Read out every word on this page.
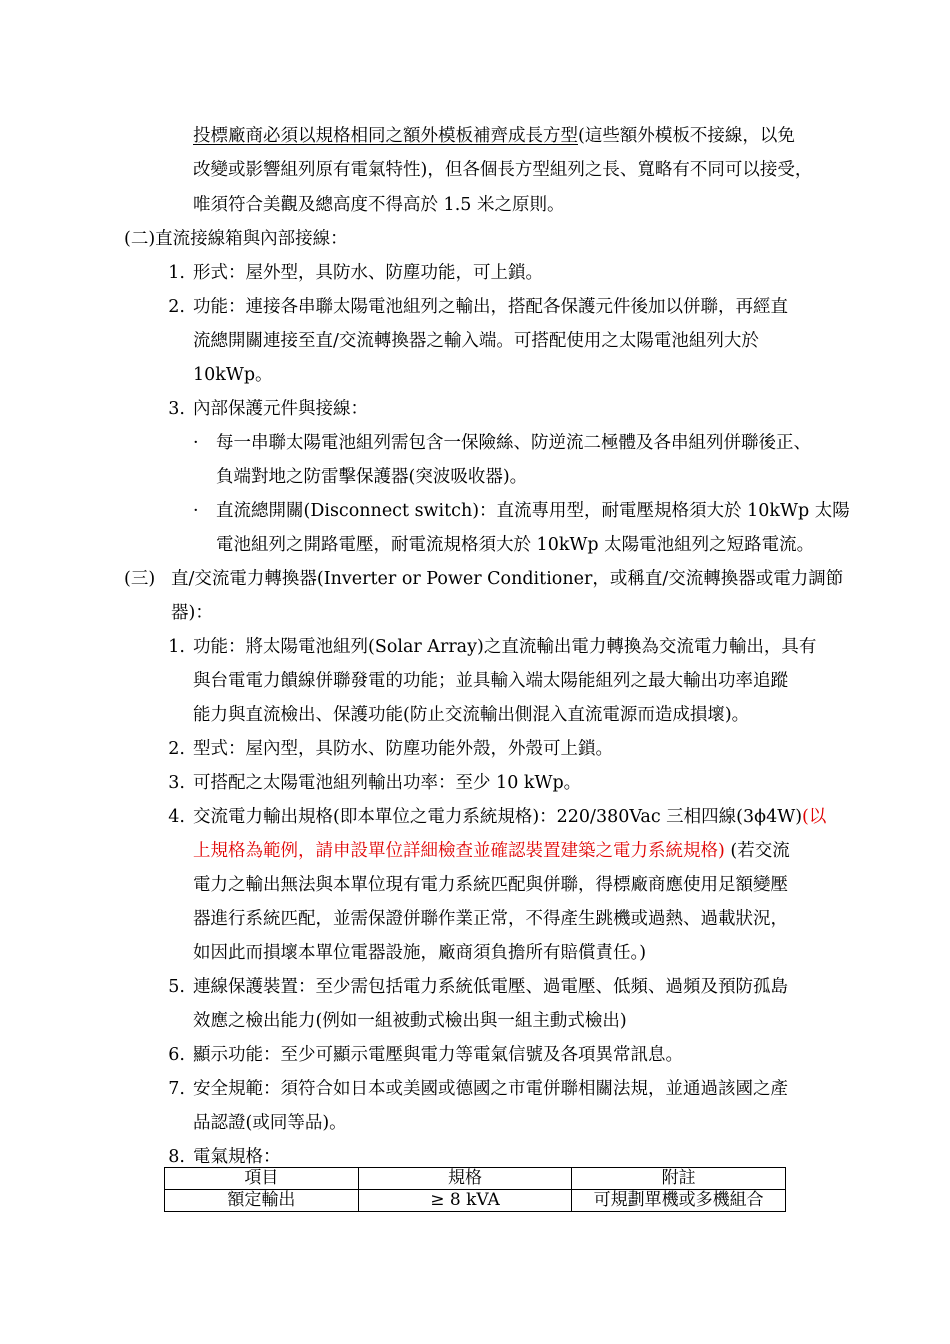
投標廠商必須以規格相同之額外模板補齊成長方型(這些額外模板不接線，以免
改變或影響組列原有電氣特性)，但各個長方型組列之長、寬略有不同可以接受，
唯須符合美觀及總高度不得高於 1.5 米之原則。
(二)直流接線箱與內部接線：
1. 形式：屋外型，具防水、防塵功能，可上鎖。
2. 功能：連接各串聯太陽電池組列之輸出，搭配各保護元件後加以併聯，再經直
流總開關連接至直/交流轉換器之輸入端。可搭配使用之太陽電池組列大於
10kWp。
3. 內部保護元件與接線：
· 每一串聯太陽電池組列需包含一保險絲、防逆流二極體及各串組列併聯後正、
負端對地之防雷擊保護器(突波吸收器)。
· 直流總開關(Disconnect switch)：直流專用型，耐電壓規格須大於 10kWp 太陽
電池組列之開路電壓，耐電流規格須大於 10kWp 太陽電池組列之短路電流。
(三) 直/交流電力轉換器(Inverter or Power Conditioner，或稱直/交流轉換器或電力調節
器)：
1. 功能：將太陽電池組列(Solar Array)之直流輸出電力轉換為交流電力輸出，具有
與台電電力饋線併聯發電的功能；並具輸入端太陽能組列之最大輸出功率追蹤
能力與直流檢出、保護功能(防止交流輸出側混入直流電源而造成損壞)。
2. 型式：屋內型，具防水、防塵功能外殼，外殼可上鎖。
3. 可搭配之太陽電池組列輸出功率：至少 10 kWp。
4. 交流電力輸出規格(即本單位之電力系統規格)：220/380Vac 三相四線(3ϕ4W)(以
上規格為範例，請申設單位詳細檢查並確認裝置建築之電力系統規格) (若交流
電力之輸出無法與本單位現有電力系統匹配與併聯，得標廠商應使用足額變壓
器進行系統匹配，並需保證併聯作業正常，不得產生跳機或過熱、過載狀況，
如因此而損壞本單位電器設施，廠商須負擔所有賠償責任。)
5. 連線保護裝置：至少需包括電力系統低電壓、過電壓、低頻、過頻及預防孤島
效應之檢出能力(例如一組被動式檢出與一組主動式檢出)
6. 顯示功能：至少可顯示電壓與電力等電氣信號及各項異常訊息。
7. 安全規範：須符合如日本或美國或德國之市電併聯相關法規，並通過該國之產
品認證(或同等品)。
8. 電氣規格：
項目	規格	附註
額定輸出	≥ 8 kVA	可規劃單機或多機組合
